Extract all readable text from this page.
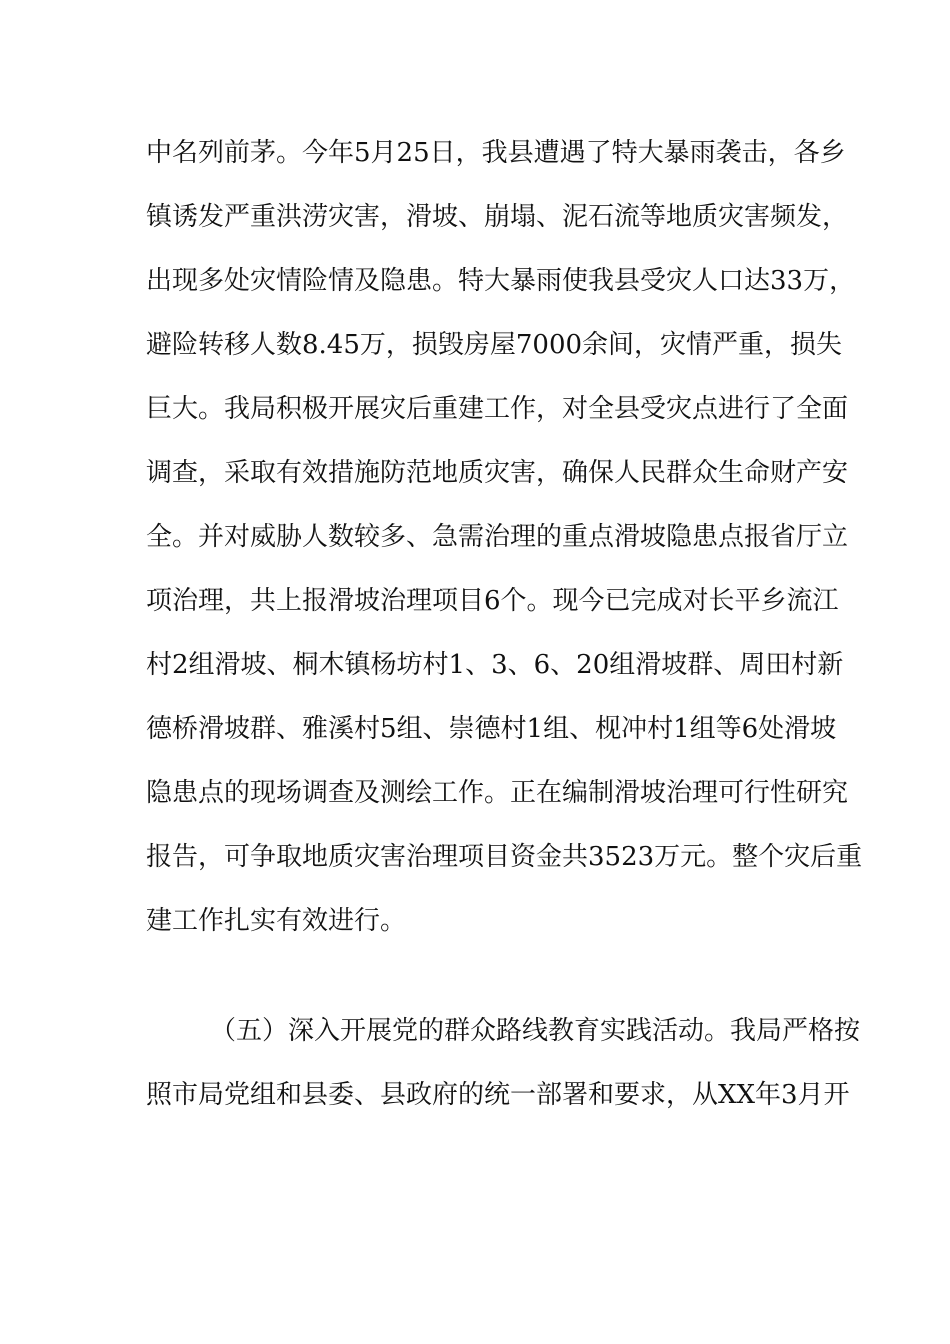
中名列前茅。今年5月25日，我县遭遇了特大暴雨袭击，各乡
镇诱发严重洪涝灾害，滑坡、崩塌、泥石流等地质灾害频发，
出现多处灾情险情及隐患。特大暴雨使我县受灾人口达33万，
避险转移人数8.45万，损毁房屋7000余间，灾情严重，损失
巨大。我局积极开展灾后重建工作，对全县受灾点进行了全面
调查，采取有效措施防范地质灾害，确保人民群众生命财产安
全。并对威胁人数较多、急需治理的重点滑坡隐患点报省厅立
项治理，共上报滑坡治理项目6个。现今已完成对长平乡流江
村2组滑坡、桐木镇杨坊村1、3、6、20组滑坡群、周田村新
德桥滑坡群、雅溪村5组、崇德村1组、枧冲村1组等6处滑坡
隐患点的现场调查及测绘工作。正在编制滑坡治理可行性研究
报告，可争取地质灾害治理项目资金共3523万元。整个灾后重
建工作扎实有效进行。
（五）深入开展党的群众路线教育实践活动。我局严格按
照市局党组和县委、县政府的统一部署和要求，从XX年3月开
